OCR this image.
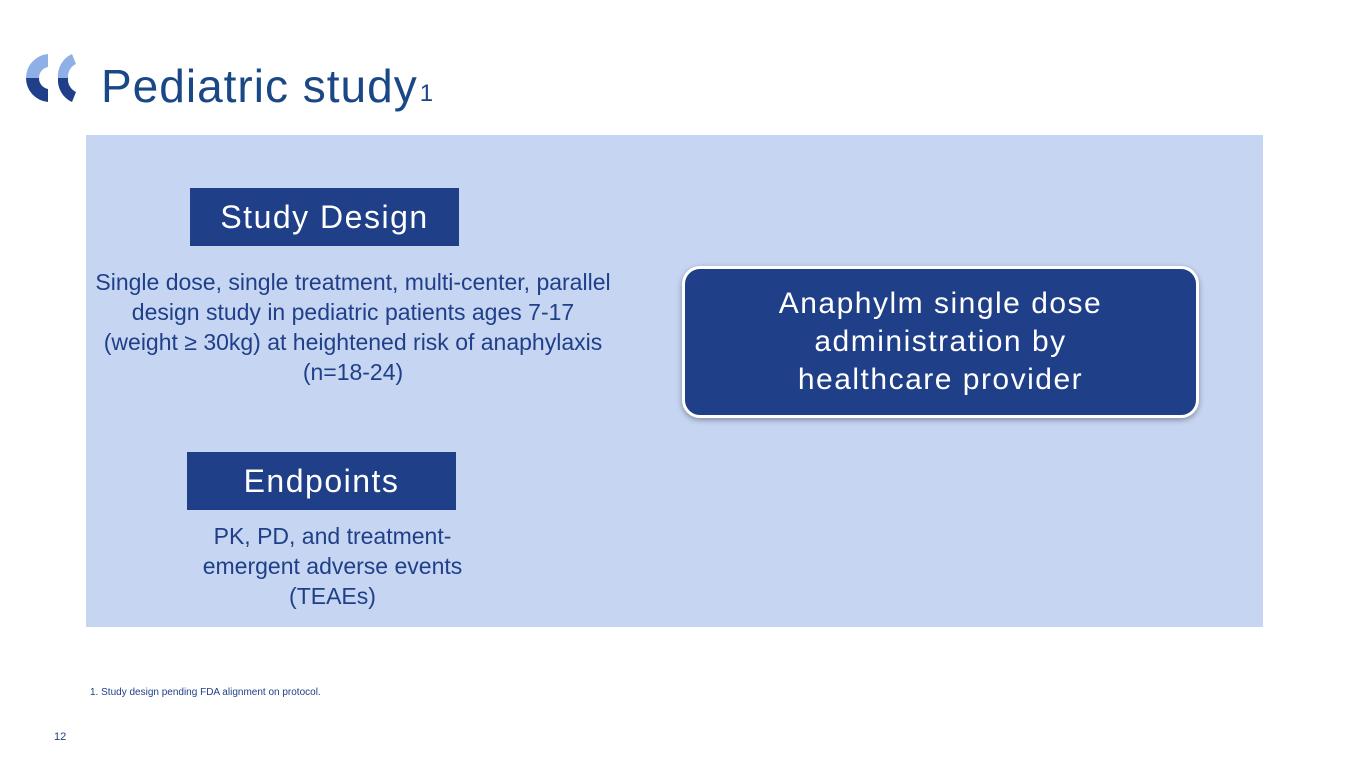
Pediatric study$^1$
Study Design
Single dose, single treatment, multi-center, parallel design study in pediatric patients ages 7-17 (weight ≥ 30kg) at heightened risk of anaphylaxis (n=18-24)
Endpoints
PK, PD, and treatment-emergent adverse events (TEAEs)
Anaphylm single dose administration by healthcare provider
1. Study design pending FDA alignment on protocol.
12
